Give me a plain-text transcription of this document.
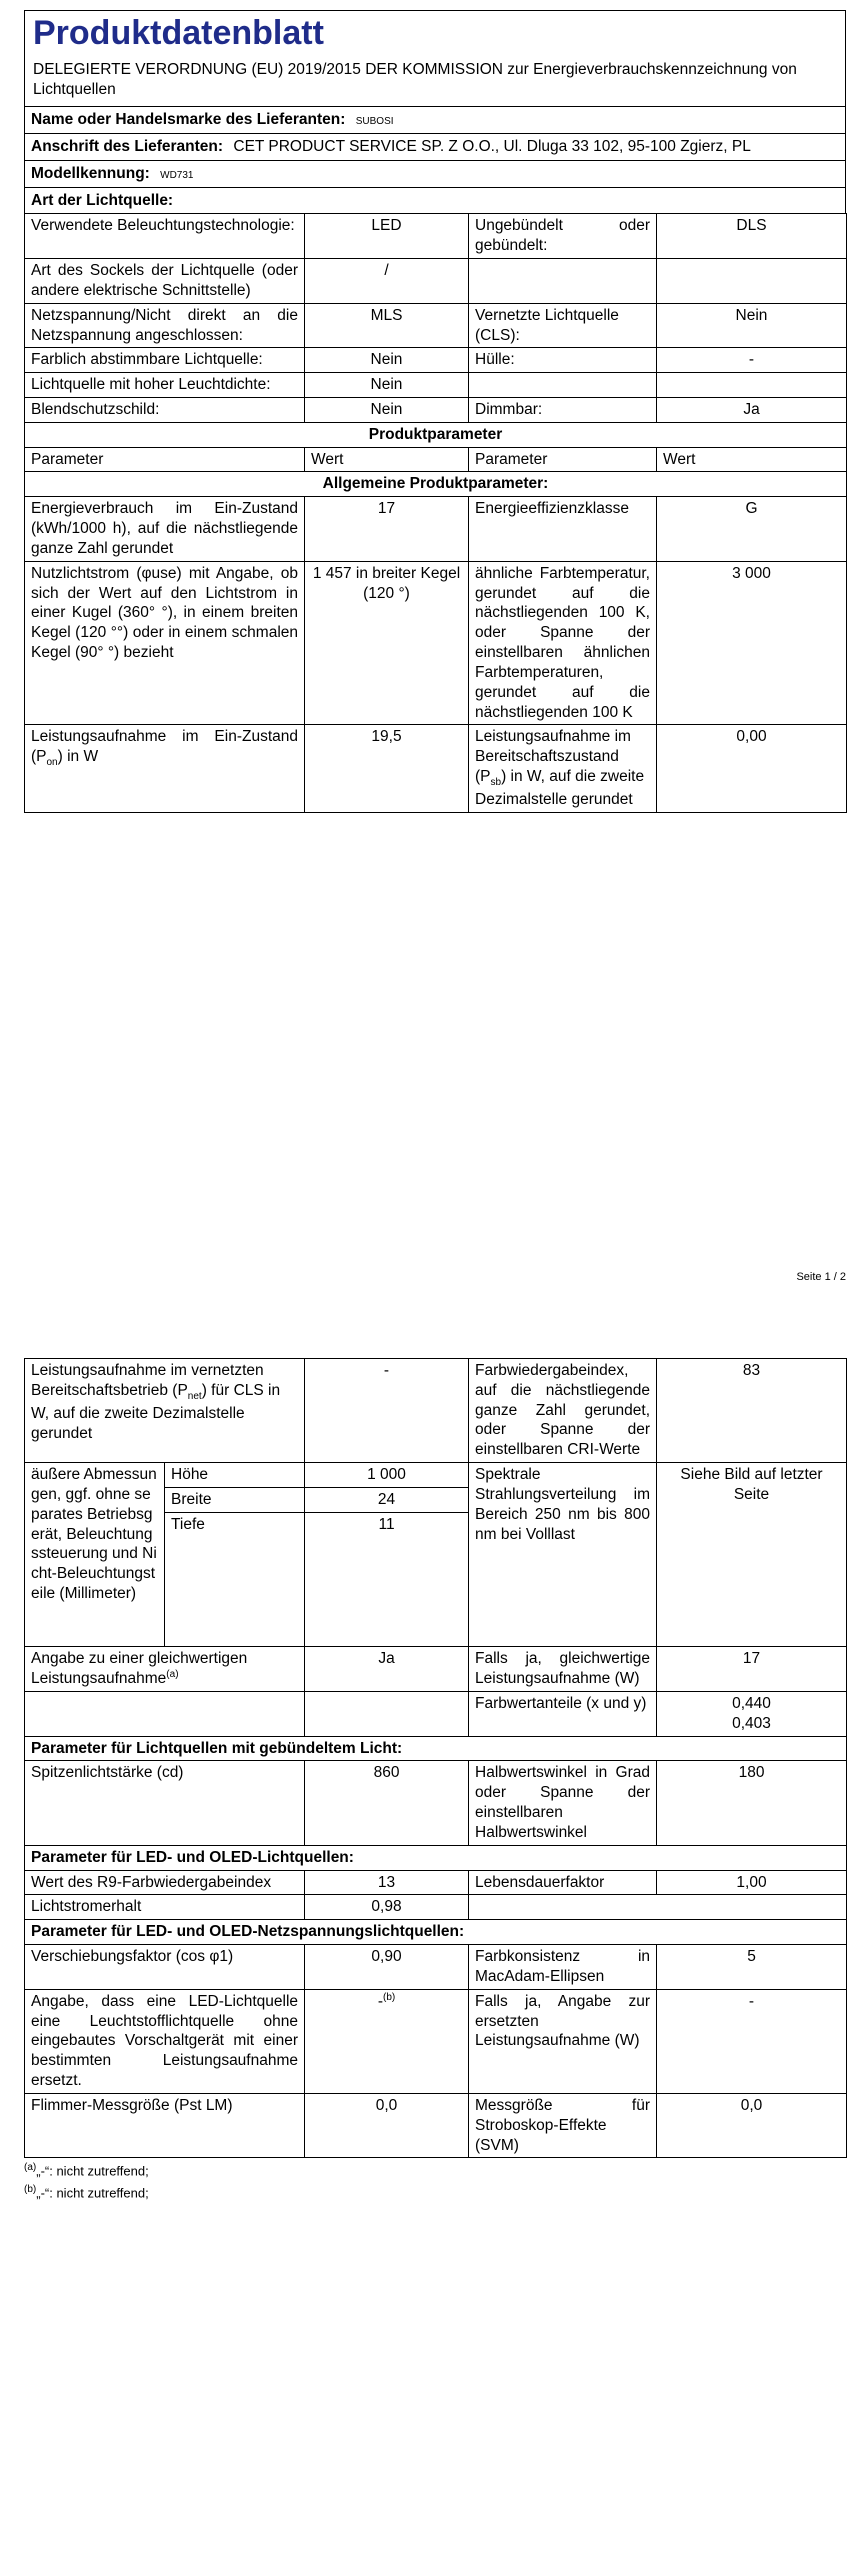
Produktdatenblatt
DELEGIERTE VERORDNUNG (EU) 2019/2015 DER KOMMISSION zur Energieverbrauchskennzeichnung von Lichtquellen
Name oder Handelsmarke des Lieferanten: SUBOSI
Anschrift des Lieferanten: CET PRODUCT SERVICE SP. Z O.O., Ul. Dluga 33 102, 95-100 Zgierz, PL
Modellkennung: WD731
Art der Lichtquelle:
Verwendete Beleuchtungstechnologie:	LED	Ungebündelt oder gebündelt:	DLS
Art des Sockels der Lichtquelle (oder andere elektrische Schnittstelle)	/		
Netzspannung/Nicht direkt an die Netzspannung angeschlossen:	MLS	Vernetzte Lichtquelle (CLS):	Nein
Farblich abstimmbare Lichtquelle:	Nein	Hülle:	-
Lichtquelle mit hoher Leuchtdichte:	Nein		
Blendschutzschild:	Nein	Dimmbar:	Ja
Produktparameter			
Parameter	Wert	Parameter	Wert
Allgemeine Produktparameter:			
Energieverbrauch im Ein-Zustand (kWh/1000 h), auf die nächstliegende ganze Zahl gerundet	17	Energieeffizienzklasse	G
Nutzlichtstrom (φuse) mit Angabe, ob sich der Wert auf den Lichtstrom in einer Kugel (360° °), in einem breiten Kegel (120 °°) oder in einem schmalen Kegel (90° °) bezieht	1 457 in breiter Kegel (120 °)	ähnliche Farbtemperatur, gerundet auf die nächstliegenden 100 K, oder Spanne der einstellbaren ähnlichen Farbtemperaturen, gerundet auf die nächstliegenden 100 K	3 000
Leistungsaufnahme im Ein-Zustand $(P_{on})$ in W	19,5	Leistungsaufnahme im Bereitschaftszustand $(P_{sb})$ in W, auf die zweite Dezimalstelle gerundet	0,00
Seite 1 / 2
Leistungsaufnahme im vernetzten Bereitschaftsbetrieb $(P_{net})$ für CLS in W, auf die zweite Dezimalstelle gerundet		-	Farbwiedergabeindex, auf die nächstliegende ganze Zahl gerundet, oder Spanne der einstellbaren CRI-Werte	83
äußere Abmessungen, ggf. ohne separates Betriebsgerät, Beleuchtungssteuerung und Nicht-Beleuchtungsteile (Millimeter)	Höhe	1 000	Spektrale Strahlungsverteilung im Bereich 250 nm bis 800 nm bei Volllast	Siehe Bild auf letzter Seite
	Breite	24		
	Tiefe	11		

Angabe zu einer gleichwertigen Leistungsaufnahme$^{(a)}$		Ja	Falls ja, gleichwertige Leistungsaufnahme (W)	17
			Farbwertanteile (x und y)	0,440
0,403

Parameter für Lichtquellen mit gebündeltem Licht:				
Spitzenlichtstärke (cd)		860	Halbwertswinkel in Grad oder Spanne der einstellbaren Halbwertswinkel	180
Parameter für LED- und OLED-Lichtquellen:				
Wert des R9-Farbwiedergabeindex		13	Lebensdauerfaktor	1,00
Lichtstromerhalt		0,98		
Parameter für LED- und OLED-Netzspannungslichtquellen:				
Verschiebungsfaktor (cos φ1)		0,90	Farbkonsistenz in MacAdam-Ellipsen	5
Angabe, dass eine LED-Lichtquelle eine Leuchtstofflichtquelle ohne eingebautes Vorschaltgerät mit einer bestimmten Leistungsaufnahme ersetzt.		-$^{(b)}$	Falls ja, Angabe zur ersetzten Leistungsaufnahme (W)	-
Flimmer-Messgröße (Pst LM)		0,0	Messgröße für Stroboskop-Effekte (SVM)	0,0
$^{(a)}$„-“: nicht zutreffend;
$^{(b)}$„-“: nicht zutreffend;
